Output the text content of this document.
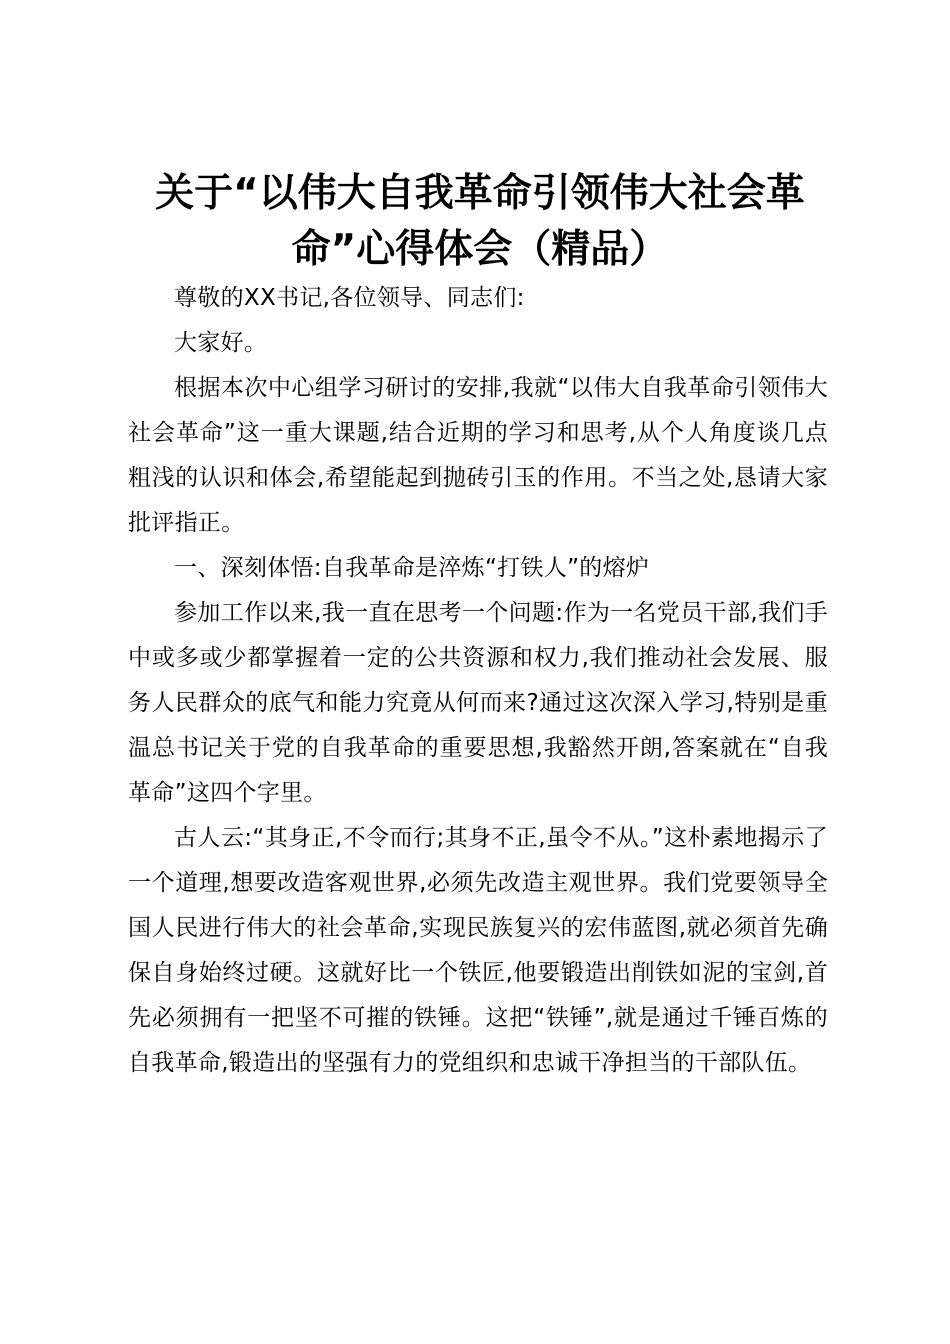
关于“以伟大自我革命引领伟大社会革命”心得体会（精品）

尊敬的XX书记,各位领导、同志们:

大家好。

根据本次中心组学习研讨的安排,我就“以伟大自我革命引领伟大社会革命”这一重大课题,结合近期的学习和思考,从个人角度谈几点粗浅的认识和体会,希望能起到抛砖引玉的作用。不当之处,恳请大家批评指正。

一、深刻体悟:自我革命是淬炼“打铁人”的熔炉

参加工作以来,我一直在思考一个问题:作为一名党员干部,我们手中或多或少都掌握着一定的公共资源和权力,我们推动社会发展、服务人民群众的底气和能力究竟从何而来?通过这次深入学习,特别是重温总书记关于党的自我革命的重要思想,我豁然开朗,答案就在“自我革命”这四个字里。

古人云:“其身正,不令而行;其身不正,虽令不从。”这朴素地揭示了一个道理,想要改造客观世界,必须先改造主观世界。我们党要领导全国人民进行伟大的社会革命,实现民族复兴的宏伟蓝图,就必须首先确保自身始终过硬。这就好比一个铁匠,他要锻造出削铁如泥的宝剑,首先必须拥有一把坚不可摧的铁锤。这把“铁锤”,就是通过千锤百炼的自我革命,锻造出的坚强有力的党组织和忠诚干净担当的干部队伍。
